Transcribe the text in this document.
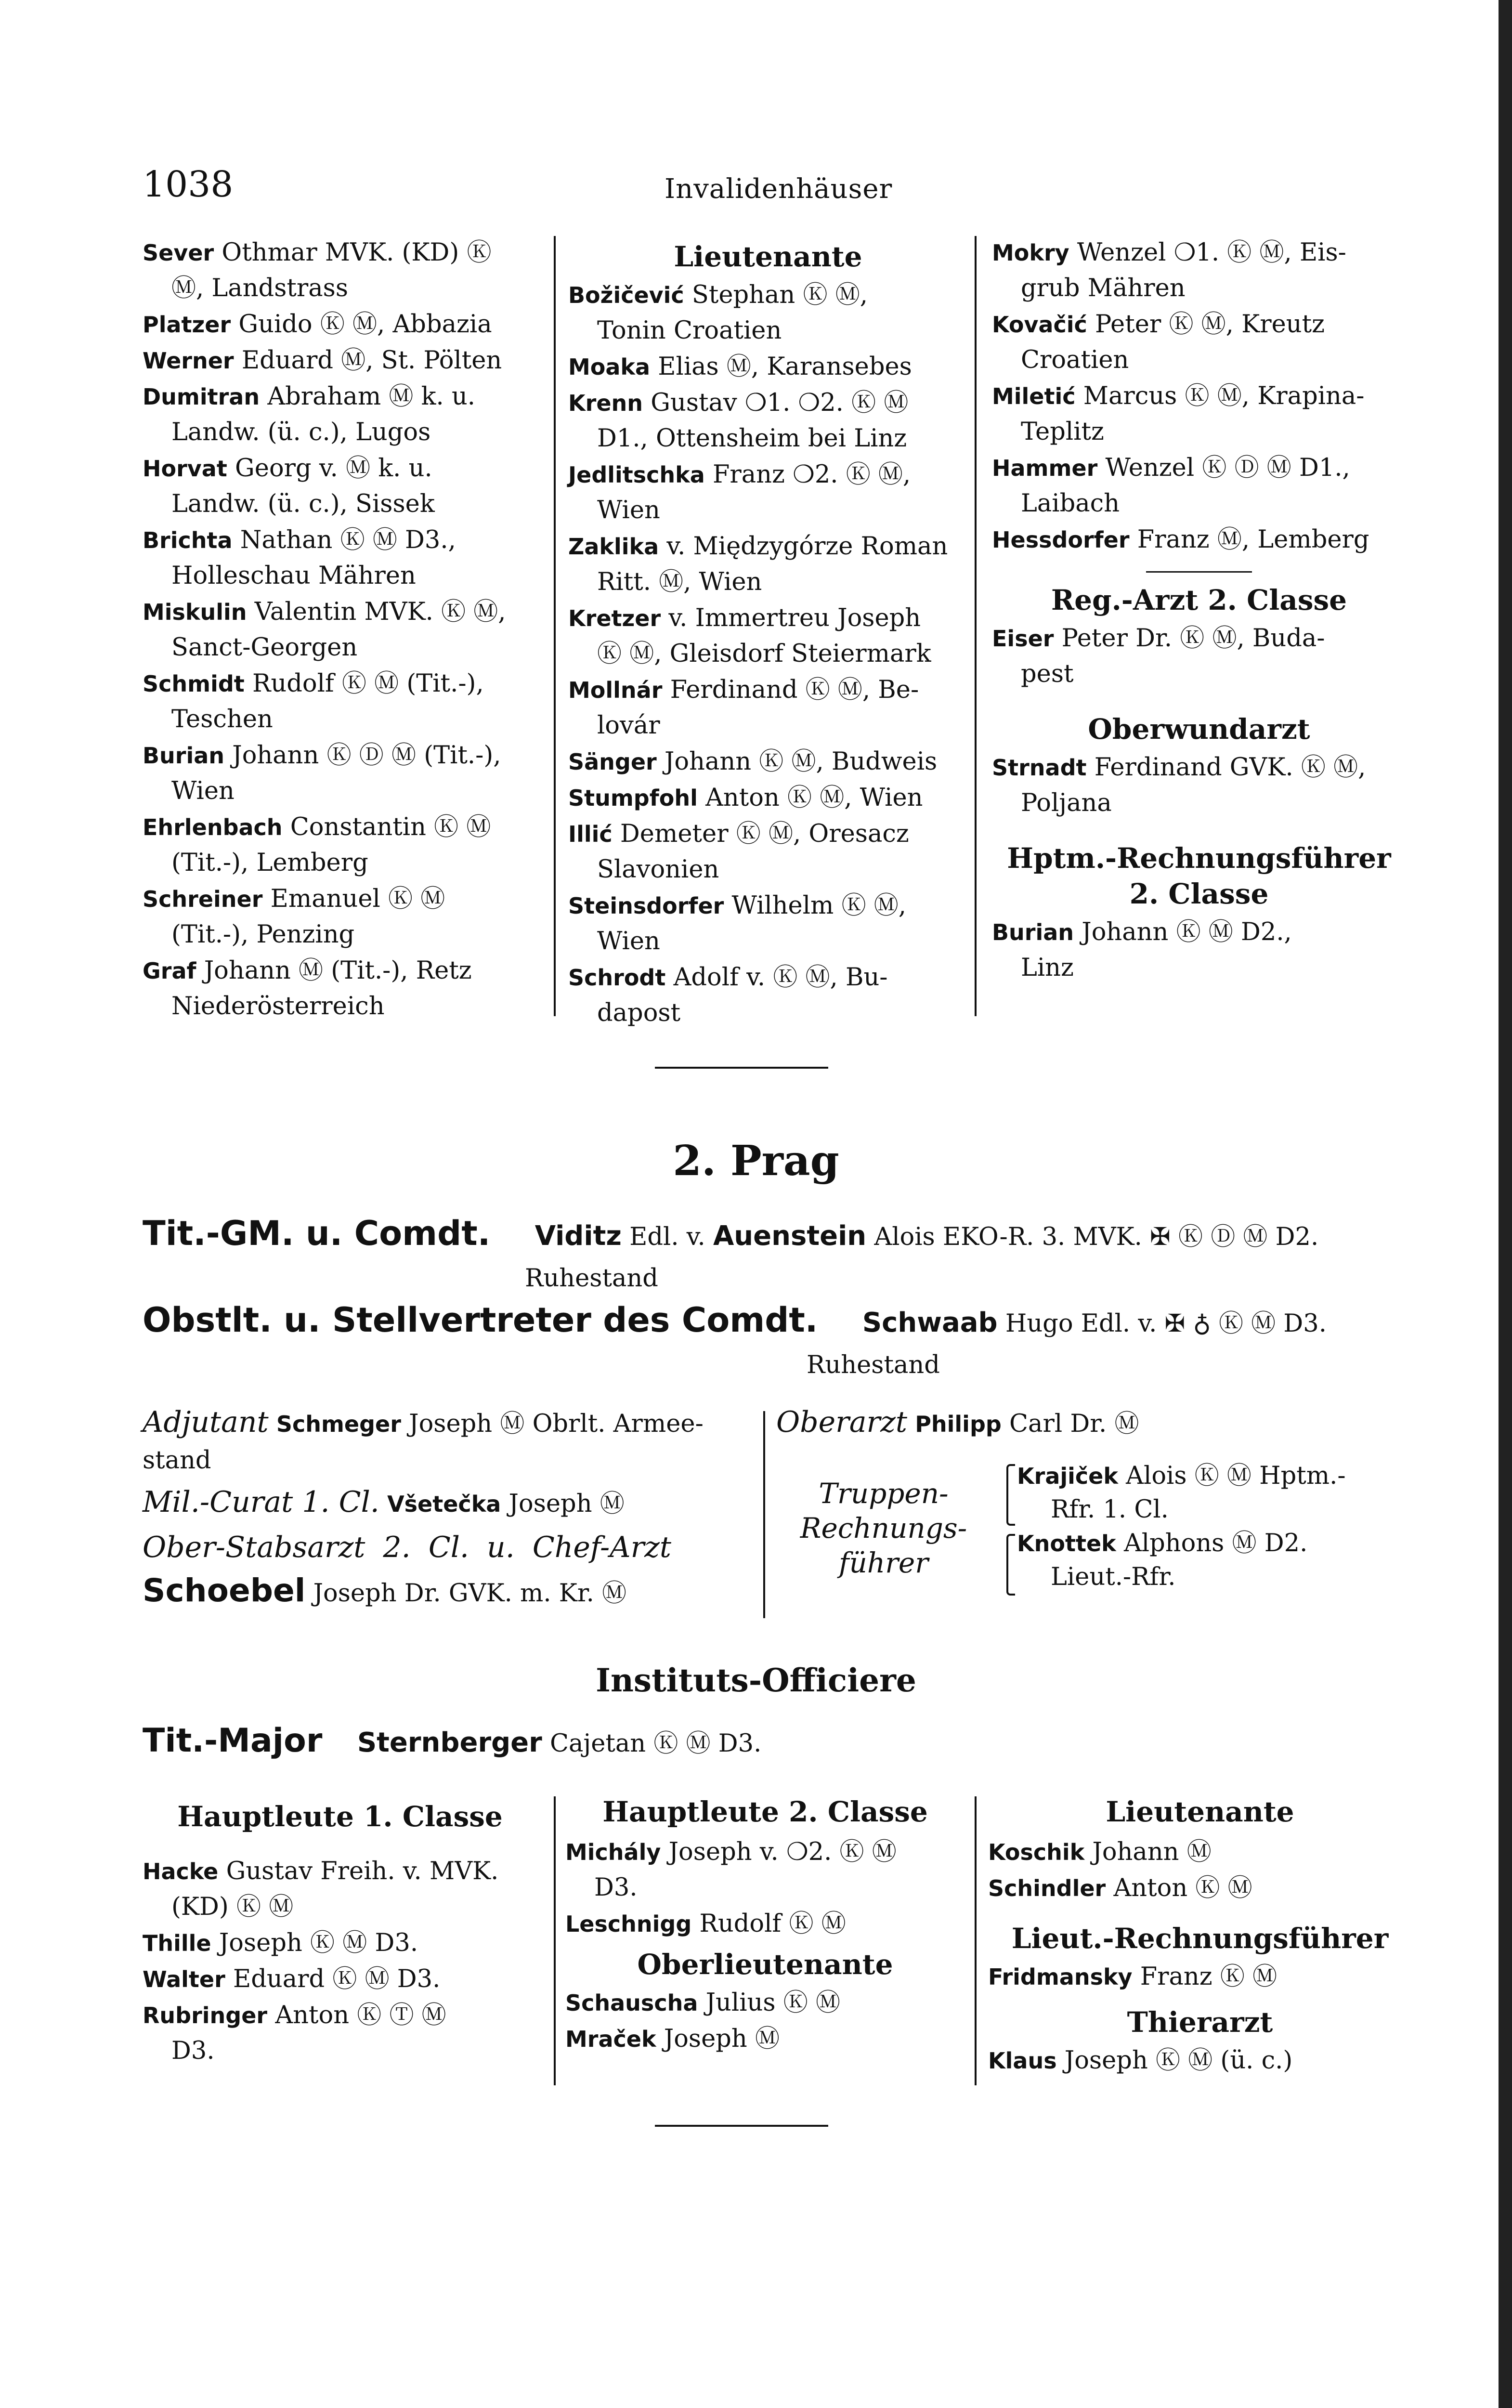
1038	Invalidenhäuser
Sever Othmar MVK. (KD) Ⓚ
Ⓜ, Landstrass
Platzer Guido Ⓚ Ⓜ, Abbazia
Werner Eduard Ⓜ, St. Pölten
Dumitran Abraham Ⓜ k. u.
Landw. (ü. c.), Lugos
Horvat Georg v. Ⓜ k. u.
Landw. (ü. c.), Sissek
Brichta Nathan Ⓚ Ⓜ D3.,
Holleschau Mähren
Miskulin Valentin MVK. Ⓚ Ⓜ,
Sanct-Georgen
Schmidt Rudolf Ⓚ Ⓜ (Tit.-),
Teschen
Burian Johann Ⓚ Ⓓ Ⓜ (Tit.-),
Wien
Ehrlenbach Constantin Ⓚ Ⓜ
(Tit.-), Lemberg
Schreiner Emanuel Ⓚ Ⓜ
(Tit.-), Penzing
Graf Johann Ⓜ (Tit.-), Retz
Niederösterreich
Lieutenante
Božičević Stephan Ⓚ Ⓜ,
Tonin Croatien
Moaka Elias Ⓜ, Karansebes
Krenn Gustav ❍1. ❍2. Ⓚ Ⓜ
D1., Ottensheim bei Linz
Jedlitschka Franz ❍2. Ⓚ Ⓜ,
Wien
Zaklika v. Międzygórze Roman
Ritt. Ⓜ, Wien
Kretzer v. Immertreu Joseph
Ⓚ Ⓜ, Gleisdorf Steiermark
Mollnár Ferdinand Ⓚ Ⓜ, Be-
lovár
Sänger Johann Ⓚ Ⓜ, Budweis
Stumpfohl Anton Ⓚ Ⓜ, Wien
Illić Demeter Ⓚ Ⓜ, Oresacz
Slavonien
Steinsdorfer Wilhelm Ⓚ Ⓜ,
Wien
Schrodt Adolf v. Ⓚ Ⓜ, Bu-
dapost
Mokry Wenzel ❍1. Ⓚ Ⓜ, Eis-
grub Mähren
Kovačić Peter Ⓚ Ⓜ, Kreutz
Croatien
Miletić Marcus Ⓚ Ⓜ, Krapina-
Teplitz
Hammer Wenzel Ⓚ Ⓓ Ⓜ D1.,
Laibach
Hessdorfer Franz Ⓜ, Lemberg
Reg.-Arzt 2. Classe
Eiser Peter Dr. Ⓚ Ⓜ, Buda-
pest
Oberwundarzt
Strnadt Ferdinand GVK. Ⓚ Ⓜ,
Poljana
Hptm.-Rechnungsführer
2. Classe
Burian Johann Ⓚ Ⓜ D2.,
Linz
2. Prag
Tit.-GM. u. Comdt. Viditz Edl. v. Auenstein Alois EKO-R. 3. MVK. ✠ Ⓚ Ⓓ Ⓜ D2.
Ruhestand
Obstlt. u. Stellvertreter des Comdt. Schwaab Hugo Edl. v. ✠ ♁ Ⓚ Ⓜ D3.
Ruhestand
Adjutant Schmeger Joseph Ⓜ Obrlt. Armee-
stand
Mil.-Curat 1. Cl. Všetečka Joseph Ⓜ
Ober-Stabsarzt 2. Cl. u. Chef-Arzt
Schoebel Joseph Dr. GVK. m. Kr. Ⓜ
Oberarzt Philipp Carl Dr. Ⓜ
Truppen-
Rechnungs-
führer
Krajiček Alois Ⓚ Ⓜ Hptm.-
Rfr. 1. Cl.
Knottek Alphons Ⓜ D2.
Lieut.-Rfr.
Instituts-Officiere
Tit.-Major Sternberger Cajetan Ⓚ Ⓜ D3.
Hauptleute 1. Classe
Hacke Gustav Freih. v. MVK.
(KD) Ⓚ Ⓜ
Thille Joseph Ⓚ Ⓜ D3.
Walter Eduard Ⓚ Ⓜ D3.
Rubringer Anton Ⓚ Ⓣ Ⓜ
D3.
Hauptleute 2. Classe
Michály Joseph v. ❍2. Ⓚ Ⓜ
D3.
Leschnigg Rudolf Ⓚ Ⓜ
Oberlieutenante
Schauscha Julius Ⓚ Ⓜ
Mraček Joseph Ⓜ
Lieutenante
Koschik Johann Ⓜ
Schindler Anton Ⓚ Ⓜ
Lieut.-Rechnungsführer
Fridmansky Franz Ⓚ Ⓜ
Thierarzt
Klaus Joseph Ⓚ Ⓜ (ü. c.)
